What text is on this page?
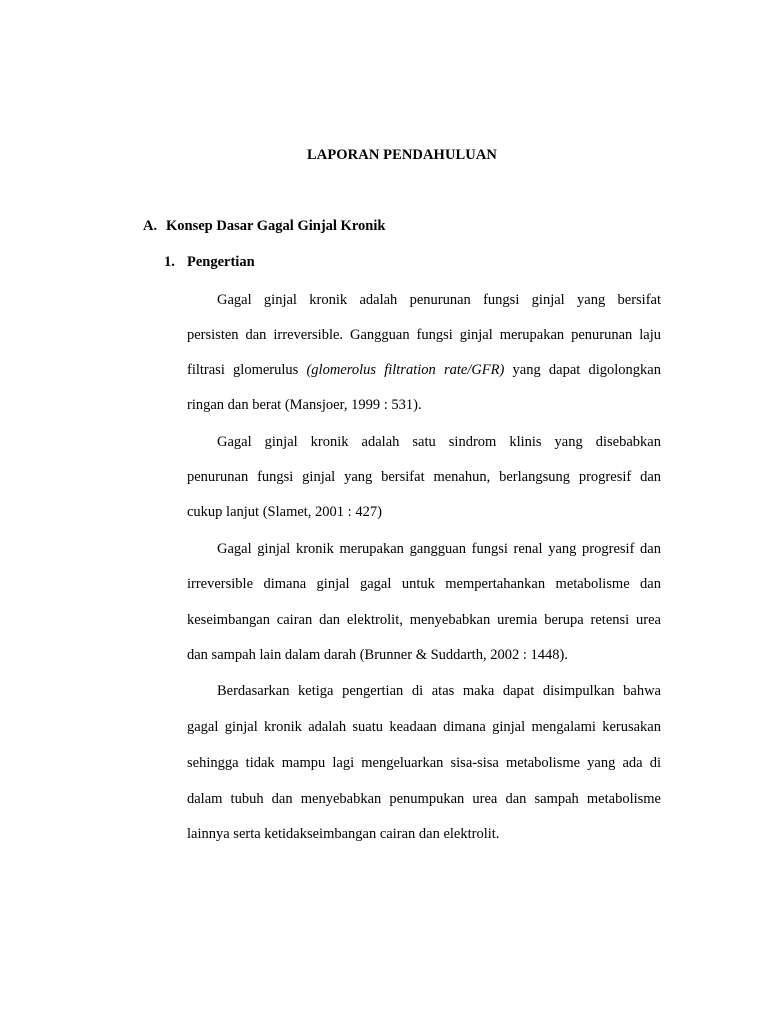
LAPORAN PENDAHULUAN
A. Konsep Dasar Gagal Ginjal Kronik
1. Pengertian
Gagal ginjal kronik adalah penurunan fungsi ginjal yang bersifat
persisten dan irreversible. Gangguan fungsi ginjal merupakan penurunan laju
filtrasi glomerulus (glomerolus filtration rate/GFR) yang dapat digolongkan
ringan dan berat (Mansjoer, 1999 : 531).
Gagal ginjal kronik adalah satu sindrom klinis yang disebabkan
penurunan fungsi ginjal yang bersifat menahun, berlangsung progresif dan
cukup lanjut (Slamet, 2001 : 427)
Gagal ginjal kronik merupakan gangguan fungsi renal yang progresif dan
irreversible dimana ginjal gagal untuk mempertahankan metabolisme dan
keseimbangan cairan dan elektrolit, menyebabkan uremia berupa retensi urea
dan sampah lain dalam darah (Brunner & Suddarth, 2002 : 1448).
Berdasarkan ketiga pengertian di atas maka dapat disimpulkan bahwa
gagal ginjal kronik adalah suatu keadaan dimana ginjal mengalami kerusakan
sehingga tidak mampu lagi mengeluarkan sisa-sisa metabolisme yang ada di
dalam tubuh dan menyebabkan penumpukan urea dan sampah metabolisme
lainnya serta ketidakseimbangan cairan dan elektrolit.
